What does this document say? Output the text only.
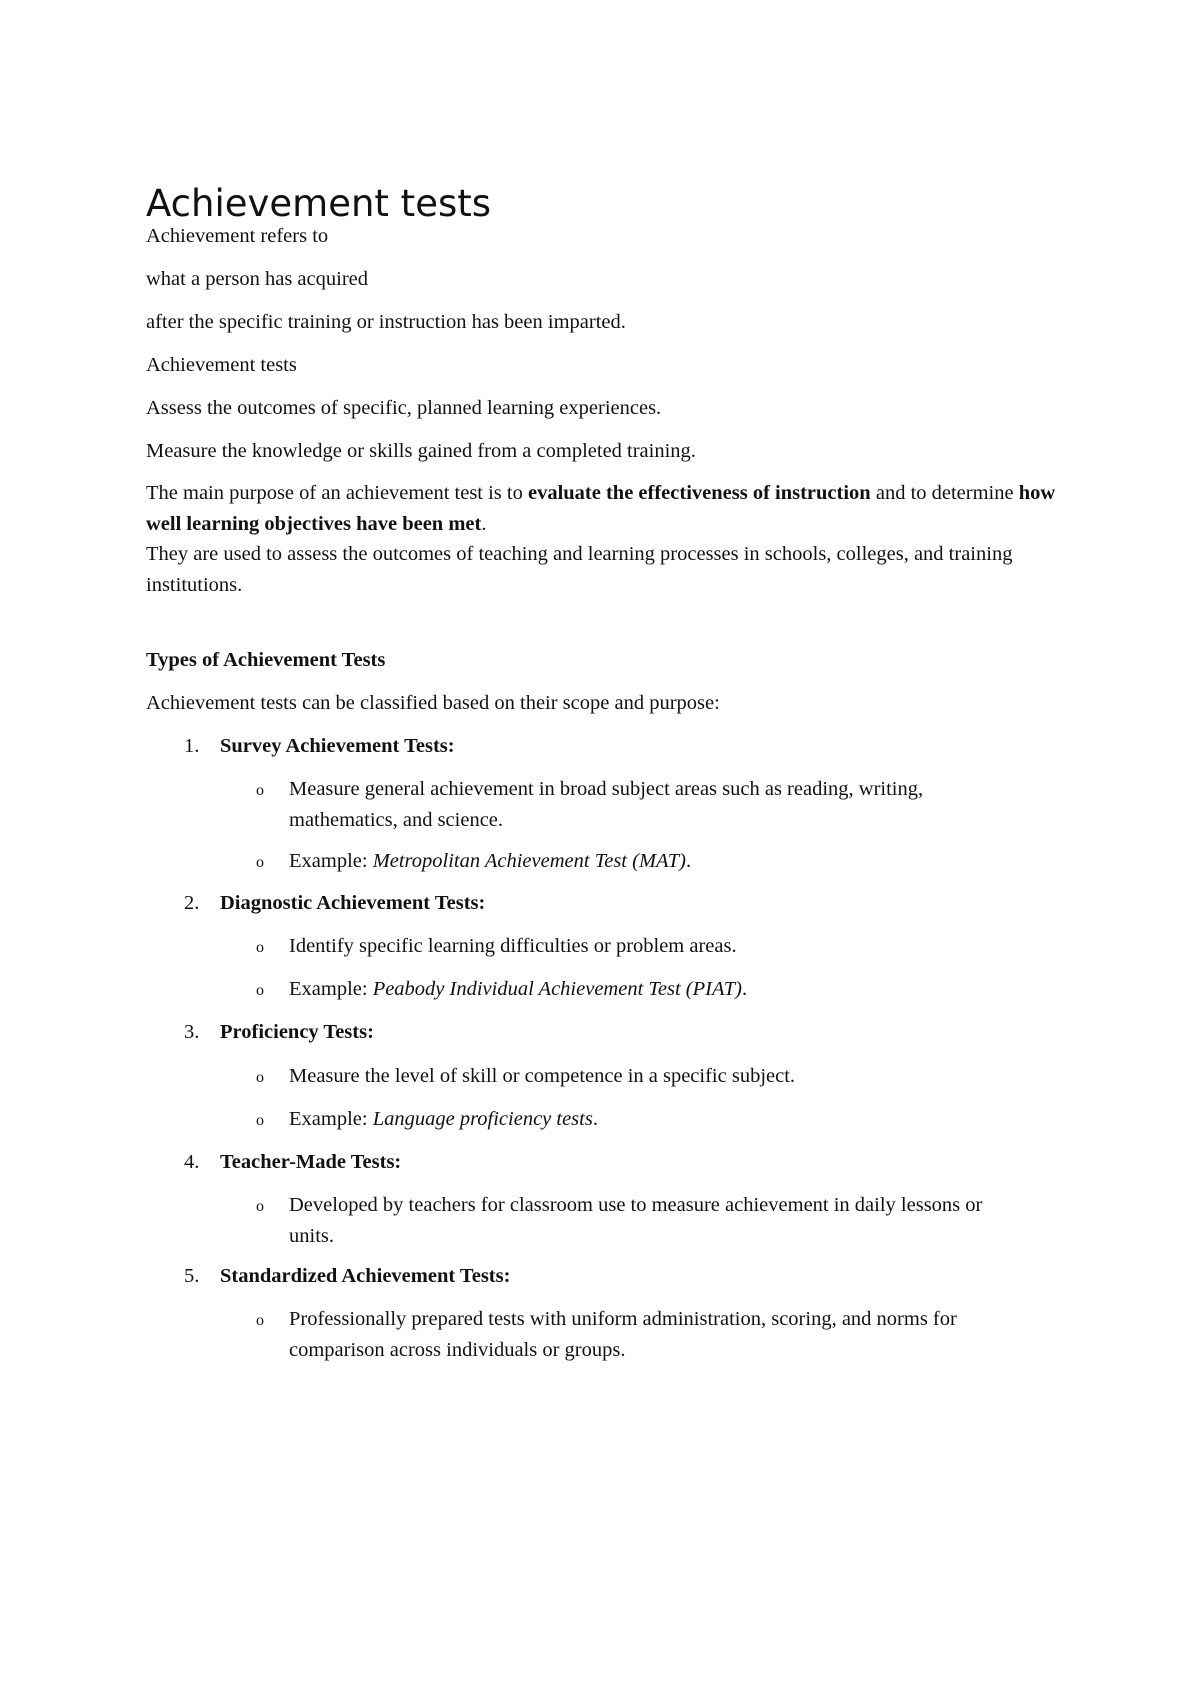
Achievement tests

Achievement refers to

what a person has acquired

after the specific training or instruction has been imparted.

Achievement tests

Assess the outcomes of specific, planned learning experiences.

Measure the knowledge or skills gained from a completed training.

The main purpose of an achievement test is to evaluate the effectiveness of instruction and to determine how well learning objectives have been met.
They are used to assess the outcomes of teaching and learning processes in schools, colleges, and training institutions.

Types of Achievement Tests

Achievement tests can be classified based on their scope and purpose:

1. Survey Achievement Tests:

o Measure general achievement in broad subject areas such as reading, writing, mathematics, and science.
o Example: Metropolitan Achievement Test (MAT).

2. Diagnostic Achievement Tests:

o Identify specific learning difficulties or problem areas.
o Example: Peabody Individual Achievement Test (PIAT).

3. Proficiency Tests:

o Measure the level of skill or competence in a specific subject.
o Example: Language proficiency tests.

4. Teacher-Made Tests:

o Developed by teachers for classroom use to measure achievement in daily lessons or units.

5. Standardized Achievement Tests:

o Professionally prepared tests with uniform administration, scoring, and norms for comparison across individuals or groups.
